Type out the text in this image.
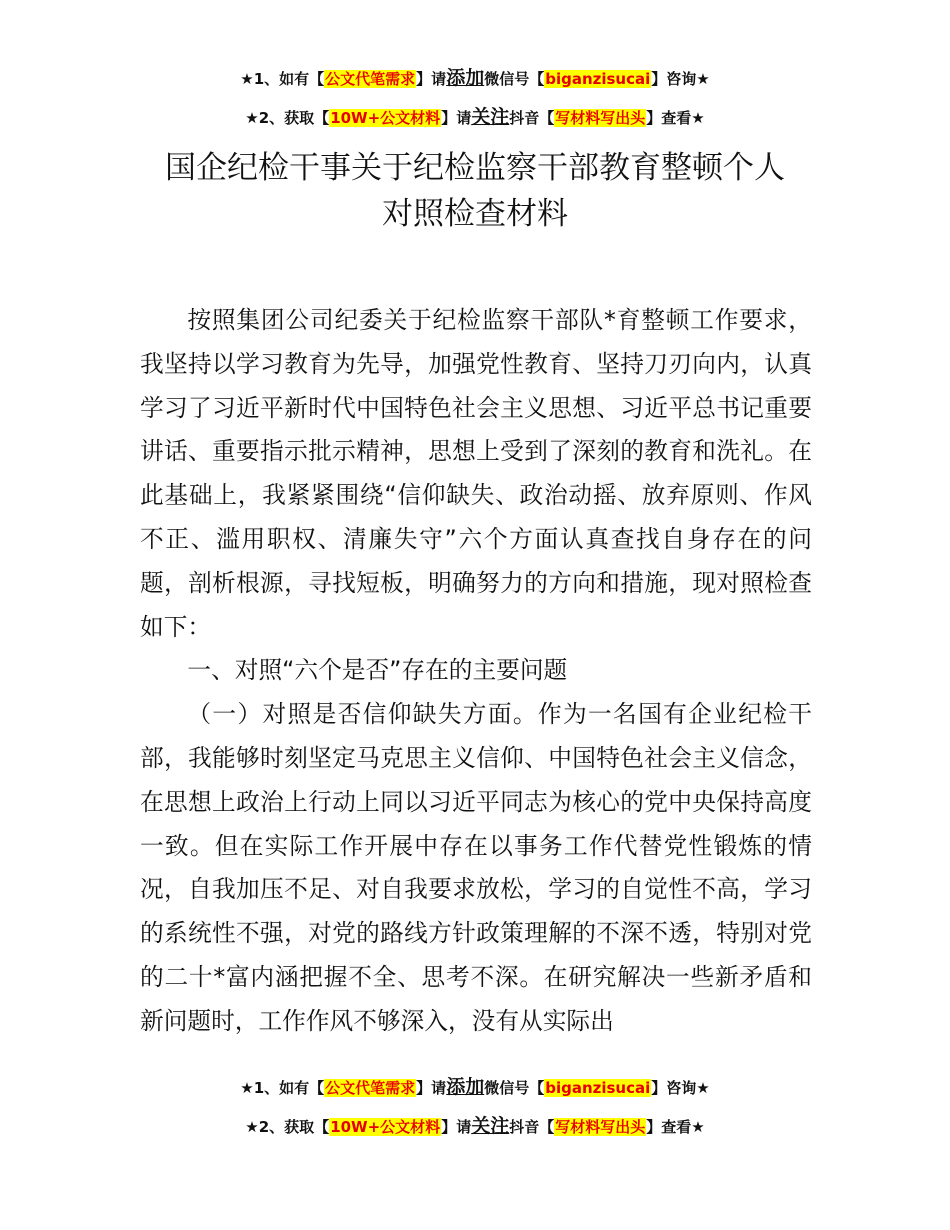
★1、如有【公文代笔需求】请添加微信号【biganzisucai】咨询★
★2、获取【10W+公文材料】请关注抖音【写材料写出头】查看★
国企纪检干事关于纪检监察干部教育整顿个人
对照检查材料

按照集团公司纪委关于纪检监察干部队*育整顿工作要求，我坚持以学习教育为先导，加强党性教育、坚持刀刃向内，认真学习了习近平新时代中国特色社会主义思想、习近平总书记重要讲话、重要指示批示精神，思想上受到了深刻的教育和洗礼。在此基础上，我紧紧围绕“信仰缺失、政治动摇、放弃原则、作风不正、滥用职权、清廉失守”六个方面认真查找自身存在的问题，剖析根源，寻找短板，明确努力的方向和措施，现对照检查如下：

一、对照“六个是否”存在的主要问题

（一）对照是否信仰缺失方面。作为一名国有企业纪检干部，我能够时刻坚定马克思主义信仰、中国特色社会主义信念，在思想上政治上行动上同以习近平同志为核心的党中央保持高度一致。但在实际工作开展中存在以事务工作代替党性锻炼的情况，自我加压不足、对自我要求放松，学习的自觉性不高，学习的系统性不强，对党的路线方针政策理解的不深不透，特别对党的二十*富内涵把握不全、思考不深。在研究解决一些新矛盾和新问题时，工作作风不够深入，没有从实际出

★1、如有【公文代笔需求】请添加微信号【biganzisucai】咨询★
★2、获取【10W+公文材料】请关注抖音【写材料写出头】查看★
